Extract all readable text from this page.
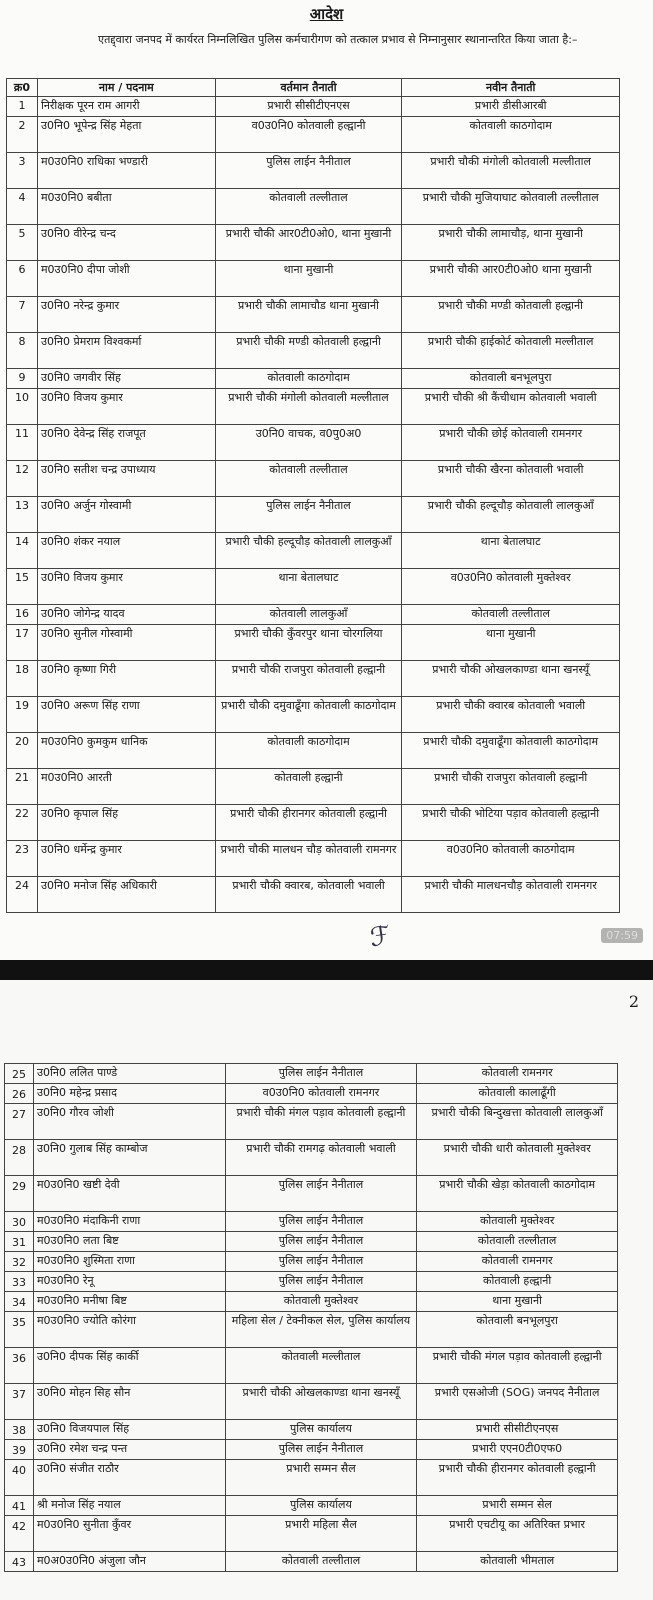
आदेश
एतद्द्वारा जनपद में कार्यरत निम्नलिखित पुलिस कर्मचारीगण को तत्काल प्रभाव से निम्नानुसार स्थानान्तरित किया जाता है:–
क्र0	नाम / पदनाम	वर्तमान तैनाती	नवीन तैनाती
1	निरीक्षक पूरन राम आगरी	प्रभारी सीसीटीएनएस	प्रभारी डीसीआरबी
2	उ0नि0 भूपेन्द्र सिंह मेहता	व0उ0नि0 कोतवाली हल्द्वानी	कोतवाली काठगोदाम
3	म0उ0नि0 राधिका भण्डारी	पुलिस लाईन नैनीताल	प्रभारी चौकी मंगोली कोतवाली मल्लीताल
4	म0उ0नि0 बबीता	कोतवाली तल्लीताल	प्रभारी चौकी मुजियाघाट कोतवाली तल्लीताल
5	उ0नि0 वीरेन्द्र चन्द	प्रभारी चौकी आर0टी0ओ0, थाना मुखानी	प्रभारी चौकी लामाचौड़, थाना मुखानी
6	म0उ0नि0 दीपा जोशी	थाना मुखानी	प्रभारी चौकी आर0टी0ओ0 थाना मुखानी
7	उ0नि0 नरेन्द्र कुमार	प्रभारी चौकी लामाचौड थाना मुखानी	प्रभारी चौकी मण्डी कोतवाली हल्द्वानी
8	उ0नि0 प्रेमराम विश्वकर्मा	प्रभारी चौकी मण्डी कोतवाली हल्द्वानी	प्रभारी चौकी हाईकोर्ट कोतवाली मल्लीताल
9	उ0नि0 जगवीर सिंह	कोतवाली काठगोदाम	कोतवाली बनभूलपुरा
10	उ0नि0 विजय कुमार	प्रभारी चौकी मंगोली कोतवाली मल्लीताल	प्रभारी चौकी श्री कैंचीधाम कोतवाली भवाली
11	उ0नि0 देवेन्द्र सिंह राजपूत	उ0नि0 वाचक, व0पु0अ0	प्रभारी चौकी छोई कोतवाली रामनगर
12	उ0नि0 सतीश चन्द्र उपाध्याय	कोतवाली तल्लीताल	प्रभारी चौकी खैरना कोतवाली भवाली
13	उ0नि0 अर्जुन गोस्वामी	पुलिस लाईन नैनीताल	प्रभारी चौकी हल्दूचौड़ कोतवाली लालकुआँ
14	उ0नि0 शंकर नयाल	प्रभारी चौकी हल्दूचौड़ कोतवाली लालकुआँ	थाना बेतालघाट
15	उ0नि0 विजय कुमार	थाना बेतालघाट	व0उ0नि0 कोतवाली मुक्तेश्वर
16	उ0नि0 जोगेन्द्र यादव	कोतवाली लालकुआँ	कोतवाली तल्लीताल
17	उ0नि0 सुनील गोस्वामी	प्रभारी चौकी कुँवरपुर थाना चोरगलिया	थाना मुखानी
18	उ0नि0 कृष्णा गिरी	प्रभारी चौकी राजपुरा कोतवाली हल्द्वानी	प्रभारी चौकी ओखलकाण्डा थाना खनस्यूँ
19	उ0नि0 अरूण सिंह राणा	प्रभारी चौकी दमुवाढूँगा कोतवाली काठगोदाम	प्रभारी चौकी क्वारब कोतवाली भवाली
20	म0उ0नि0 कुमकुम धानिक	कोतवाली काठगोदाम	प्रभारी चौकी दमुवाढूँगा कोतवाली काठगोदाम
21	म0उ0नि0 आरती	कोतवाली हल्द्वानी	प्रभारी चौकी राजपुरा कोतवाली हल्द्वानी
22	उ0नि0 कृपाल सिंह	प्रभारी चौकी हीरानगर कोतवाली हल्द्वानी	प्रभारी चौकी भोटिया पड़ाव कोतवाली हल्द्वानी
23	उ0नि0 धर्मेन्द्र कुमार	प्रभारी चौकी मालधन चौड़ कोतवाली रामनगर	व0उ0नि0 कोतवाली काठगोदाम
24	उ0नि0 मनोज सिंह अधिकारी	प्रभारी चौकी क्वारब, कोतवाली भवाली	प्रभारी चौकी मालधनचौड़ कोतवाली रामनगर
ℱ	07:59
2
25	उ0नि0 ललित पाण्डे	पुलिस लाईन नैनीताल	कोतवाली रामनगर
26	उ0नि0 महेन्द्र प्रसाद	व0उ0नि0 कोतवाली रामनगर	कोतवाली कालाढूँगी
27	उ0नि0 गौरव जोशी	प्रभारी चौकी मंगल पड़ाव कोतवाली हल्द्वानी	प्रभारी चौकी बिन्दुखत्ता कोतवाली लालकुआँ
28	उ0नि0 गुलाब सिंह काम्बोज	प्रभारी चौकी रामगढ़ कोतवाली भवाली	प्रभारी चौकी धारी कोतवाली मुक्तेश्वर
29	म0उ0नि0 खष्टी देवी	पुलिस लाईन नैनीताल	प्रभारी चौकी खेड़ा कोतवाली काठगोदाम
30	म0उ0नि0 मंदाकिनी राणा	पुलिस लाईन नैनीताल	कोतवाली मुक्तेश्वर
31	म0उ0नि0 लता बिष्ट	पुलिस लाईन नैनीताल	कोतवाली तल्लीताल
32	म0उ0नि0 शुस्मिता राणा	पुलिस लाईन नैनीताल	कोतवाली रामनगर
33	म0उ0नि0 रेनू	पुलिस लाईन नैनीताल	कोतवाली हल्द्वानी
34	म0उ0नि0 मनीषा बिष्ट	कोतवाली मुक्तेश्वर	थाना मुखानी
35	म0उ0नि0 ज्योति कोरंगा	महिला सेल / टेक्नीकल सेल, पुलिस कार्यालय	कोतवाली बनभूलपुरा
36	उ0नि0 दीपक सिंह कार्की	कोतवाली मल्लीताल	प्रभारी चौकी मंगल पड़ाव कोतवाली हल्द्वानी
37	उ0नि0 मोहन सिह सौन	प्रभारी चौकी ओखलकाण्डा थाना खनस्यूँ	प्रभारी एसओजी (SOG) जनपद नैनीताल
38	उ0नि0 विजयपाल सिंह	पुलिस कार्यालय	प्रभारी सीसीटीएनएस
39	उ0नि0 रमेश चन्द्र पन्त	पुलिस लाईन नैनीताल	प्रभारी एएन0टी0एफ0
40	उ0नि0 संजीत राठौर	प्रभारी सम्मन सैल	प्रभारी चौकी हीरानगर कोतवाली हल्द्वानी
41	श्री मनोज सिंह नयाल	पुलिस कार्यालय	प्रभारी सम्मन सेल
42	म0उ0नि0 सुनीता कुँवर	प्रभारी महिला सैल	प्रभारी एचटीयू का अतिरिक्त प्रभार
43	म0अ0उ0नि0 अंजुला जौन	कोतवाली तल्लीताल	कोतवाली भीमताल
